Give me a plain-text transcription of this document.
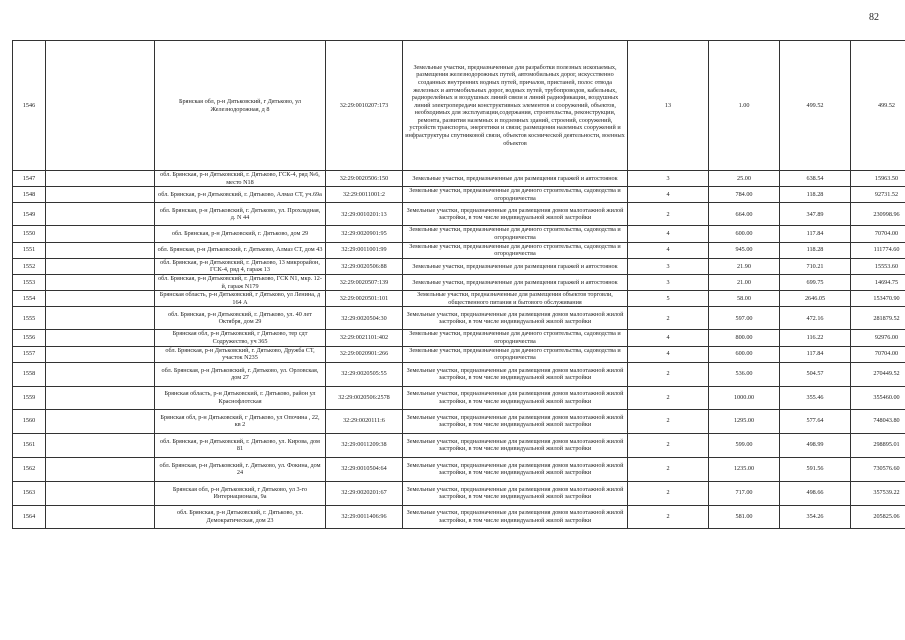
82
1546		Брянская обл, р-н Дятьковский, г Дятьково, ул Железнодорожная, д 8	32:29:0010207:173	Земельные участки, предназначенные для разработки полезных ископаемых, размещения железнодорожных путей, автомобильных дорог, искусственно созданных внутренних водных путей, причалов, пристаней, полос отвода железных и автомобильных дорог, водных путей, трубопроводов, кабельных, радиорелейных и воздушных линий связи и линий радиофикации, воздушных линий электропередачи конструктивных элементов и сооружений, объектов, необходимых для эксплуатации,содержания, строительства, реконструкции, ремонта, развития наземных и подземных зданий, строений, сооружений, устройств транспорта, энергетики и связи; размещения наземных сооружений и инфраструктуры спутниковой связи, объектов космической деятельности, военных объектов	13	1.00	499.52	499.52
1547		обл. Брянская, р-н Дятьковский, г. Дятьково, ГСК-4, ряд №6, место N18	32:29:0020506:150	Земельные участки, предназначенные для размещения гаражей и автостоянок	3	25.00	638.54	15963.50
1548		обл. Брянская, р-н Дятьковский, г. Дятьково, Алмаз СТ, уч.69а	32:29:0011001:2	Земельные участки, предназначенные для дачного строительства, садоводства и огородничества	4	784.00	118.28	92731.52
1549		обл. Брянская, р-н Дятьковский, г. Дятьково, ул. Прохладная, д. N 44	32:29:0010201:13	Земельные участки, предназначенные для размещения домов малоэтажной жилой застройки, в том числе индивидуальной жилой застройки	2	664.00	347.89	230998.96
1550		обл. Брянская, р-н Дятьковский, г. Дятьково, дом 29	32:29:0020901:95	Земельные участки, предназначенные для дачного строительства, садоводства и огородничества	4	600.00	117.84	70704.00
1551		обл. Брянская, р-н Дятьковский, г. Дятьково, Алмаз СТ, дом 43	32:29:0011001:99	Земельные участки, предназначенные для дачного строительства, садоводства и огородничества	4	945.00	118.28	111774.60
1552		обл. Брянская, р-н Дятьковский, г. Дятьково, 13 микрорайон, ГСК-4, ряд 4, гараж 13	32:29:0020506:88	Земельные участки, предназначенные для размещения гаражей и автостоянок	3	21.90	710.21	15553.60
1553		обл. Брянская, р-н Дятьковский, г. Дятьково, ГСК N1, мкр. 12-й, гараж N179	32:29:0020507:139	Земельные участки, предназначенные для размещения гаражей и автостоянок	3	21.00	699.75	14694.75
1554		Брянская область, р-н Дятьковский, г Дятьково, ул Ленина, д 164 А	32:29:0020501:101	Земельные участки, предназначенные для размещения объектов торговли, общественного питания и бытового обслуживания	5	58.00	2646.05	153470.90
1555		обл. Брянская, р-н Дятьковский, г. Дятьково, ул. 40 лет Октября, дом 29	32:29:0020504:30	Земельные участки, предназначенные для размещения домов малоэтажной жилой застройки, в том числе индивидуальной жилой застройки	2	597.00	472.16	281879.52
1556		Брянская обл, р-н Дятьковский, г Дятьково, тер сдт Содружество, уч 365	32:29:0021101:402	Земельные участки, предназначенные для дачного строительства, садоводства и огородничества	4	800.00	116.22	92976.00
1557		обл. Брянская, р-н Дятьковский, г. Дятьково, Дружба СТ, участок N235	32:29:0020901:266	Земельные участки, предназначенные для дачного строительства, садоводства и огородничества	4	600.00	117.84	70704.00
1558		обл. Брянская, р-н Дятьковский, г. Дятьково, ул. Орловская, дом 27	32:29:0020505:55	Земельные участки, предназначенные для размещения домов малоэтажной жилой застройки, в том числе индивидуальной жилой застройки	2	536.00	504.57	270449.52
1559		Брянская область, р-н Дятьковский, г. Дятьково, район ул Краснофлотская	32:29:0020506:2578	Земельные участки, предназначенные для размещения домов малоэтажной жилой застройки, в том числе индивидуальной жилой застройки	2	1000.00	355.46	355460.00
1560		Брянская обл, р-н Дятьковский, г Дятьково, ул Опочина , 22, кв 2	32:29:0020111:6	Земельные участки, предназначенные для размещения домов малоэтажной жилой застройки, в том числе индивидуальной жилой застройки	2	1295.00	577.64	748043.80
1561		обл. Брянская, р-н Дятьковский, г. Дятьково, ул. Кирова, дом 81	32:29:0011209:38	Земельные участки, предназначенные для размещения домов малоэтажной жилой застройки, в том числе индивидуальной жилой застройки	2	599.00	498.99	298895.01
1562		обл. Брянская, р-н Дятьковский, г. Дятьково, ул. Фокина, дом 24	32:29:0010504:64	Земельные участки, предназначенные для размещения домов малоэтажной жилой застройки, в том числе индивидуальной жилой застройки	2	1235.00	591.56	730576.60
1563		Брянская обл, р-н Дятьковский, г Дятьково, ул 3-го Интернационала, 9а	32:29:0020201:67	Земельные участки, предназначенные для размещения домов малоэтажной жилой застройки, в том числе индивидуальной жилой застройки	2	717.00	498.66	357539.22
1564		обл. Брянская, р-н Дятьковский, г. Дятьково, ул. Демократическая, дом 23	32:29:0011406:96	Земельные участки, предназначенные для размещения домов малоэтажной жилой застройки, в том числе индивидуальной жилой застройки	2	581.00	354.26	205825.06
